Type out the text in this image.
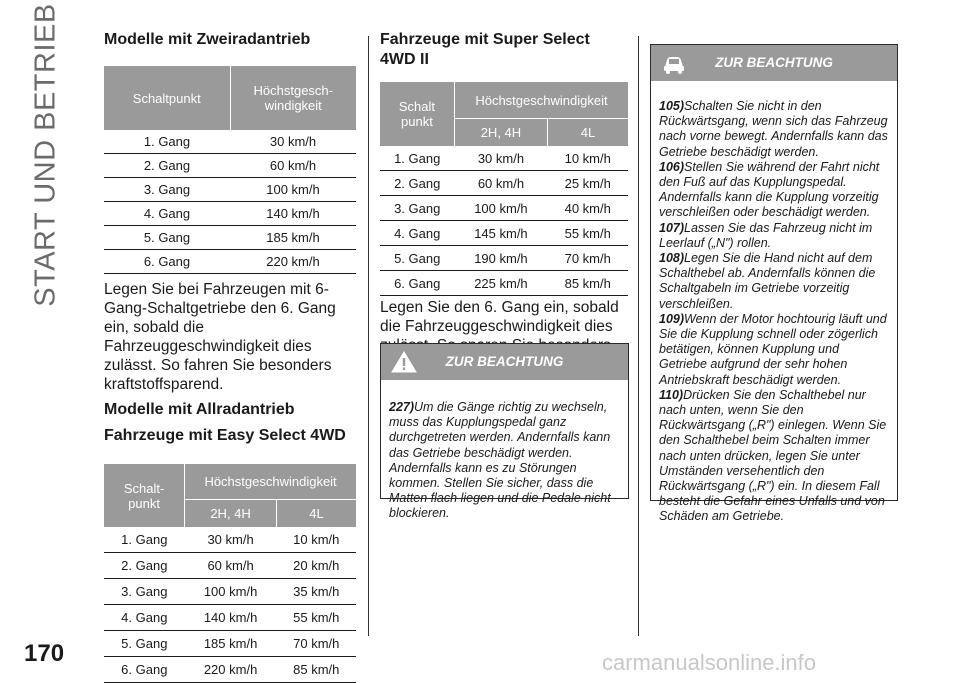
START UND BETRIEB	Modelle mit Zweiradantrieb
Schaltpunkt	Höchstgesch-windigkeit
1. Gang	30 km/h
2. Gang	60 km/h
3. Gang	100 km/h
4. Gang	140 km/h
5. Gang	185 km/h
6. Gang	220 km/h

Legen Sie bei Fahrzeugen mit 6-Gang-Schaltgetriebe den 6. Gang ein, sobald die Fahrzeuggeschwindigkeit dies zulässt. So fahren Sie besonders kraftstoffsparend.

Modelle mit Allradantrieb
Fahrzeuge mit Easy Select 4WD
Schalt-punkt	Höchstgeschwindigkeit	
	2H, 4H	4L
1. Gang	30 km/h	10 km/h
2. Gang	60 km/h	20 km/h
3. Gang	100 km/h	35 km/h
4. Gang	140 km/h	55 km/h
5. Gang	185 km/h	70 km/h
6. Gang	220 km/h	85 km/h
Fahrzeuge mit Super Select 4WD II
Schalt punkt	Höchstgeschwindigkeit	
	2H, 4H	4L
1. Gang	30 km/h	10 km/h
2. Gang	60 km/h	25 km/h
3. Gang	100 km/h	40 km/h
4. Gang	145 km/h	55 km/h
5. Gang	190 km/h	70 km/h
6. Gang	225 km/h	85 km/h

Legen Sie den 6. Gang ein, sobald die Fahrzeuggeschwindigkeit dies

ZUR BEACHTUNG
227)Um die Gänge richtig zu wechseln, muss das Kupplungspedal ganz durchgetreten werden. Andernfalls kann das Getriebe beschädigt werden. Andernfalls kann es zu Störungen kommen. Stellen Sie sicher, dass die Matten flach liegen und die Pedale nicht blockieren.
ZUR BEACHTUNG
105)Schalten Sie nicht in den Rückwärtsgang, wenn sich das Fahrzeug nach vorne bewegt. Andernfalls kann das Getriebe beschädigt werden.
106)Stellen Sie während der Fahrt nicht den Fuß auf das Kupplungspedal. Andernfalls kann die Kupplung vorzeitig verschleißen oder beschädigt werden.
107)Lassen Sie das Fahrzeug nicht im Leerlauf („N") rollen.
108)Legen Sie die Hand nicht auf dem Schalthebel ab. Andernfalls können die Schaltgabeln im Getriebe vorzeitig verschleißen.
109)Wenn der Motor hochtourig läuft und Sie die Kupplung schnell oder zögerlich betätigen, können Kupplung und Getriebe aufgrund der sehr hohen Antriebskraft beschädigt werden.
110)Drücken Sie den Schalthebel nur nach unten, wenn Sie den Rückwärtsgang („R") einlegen. Wenn Sie den Schalthebel beim Schalten immer nach unten drücken, legen Sie unter Umständen versehentlich den Rückwärtsgang („R") ein. In diesem Fall besteht die Gefahr eines Unfalls und von Schäden am Getriebe.
170	carmanualsonline.info
